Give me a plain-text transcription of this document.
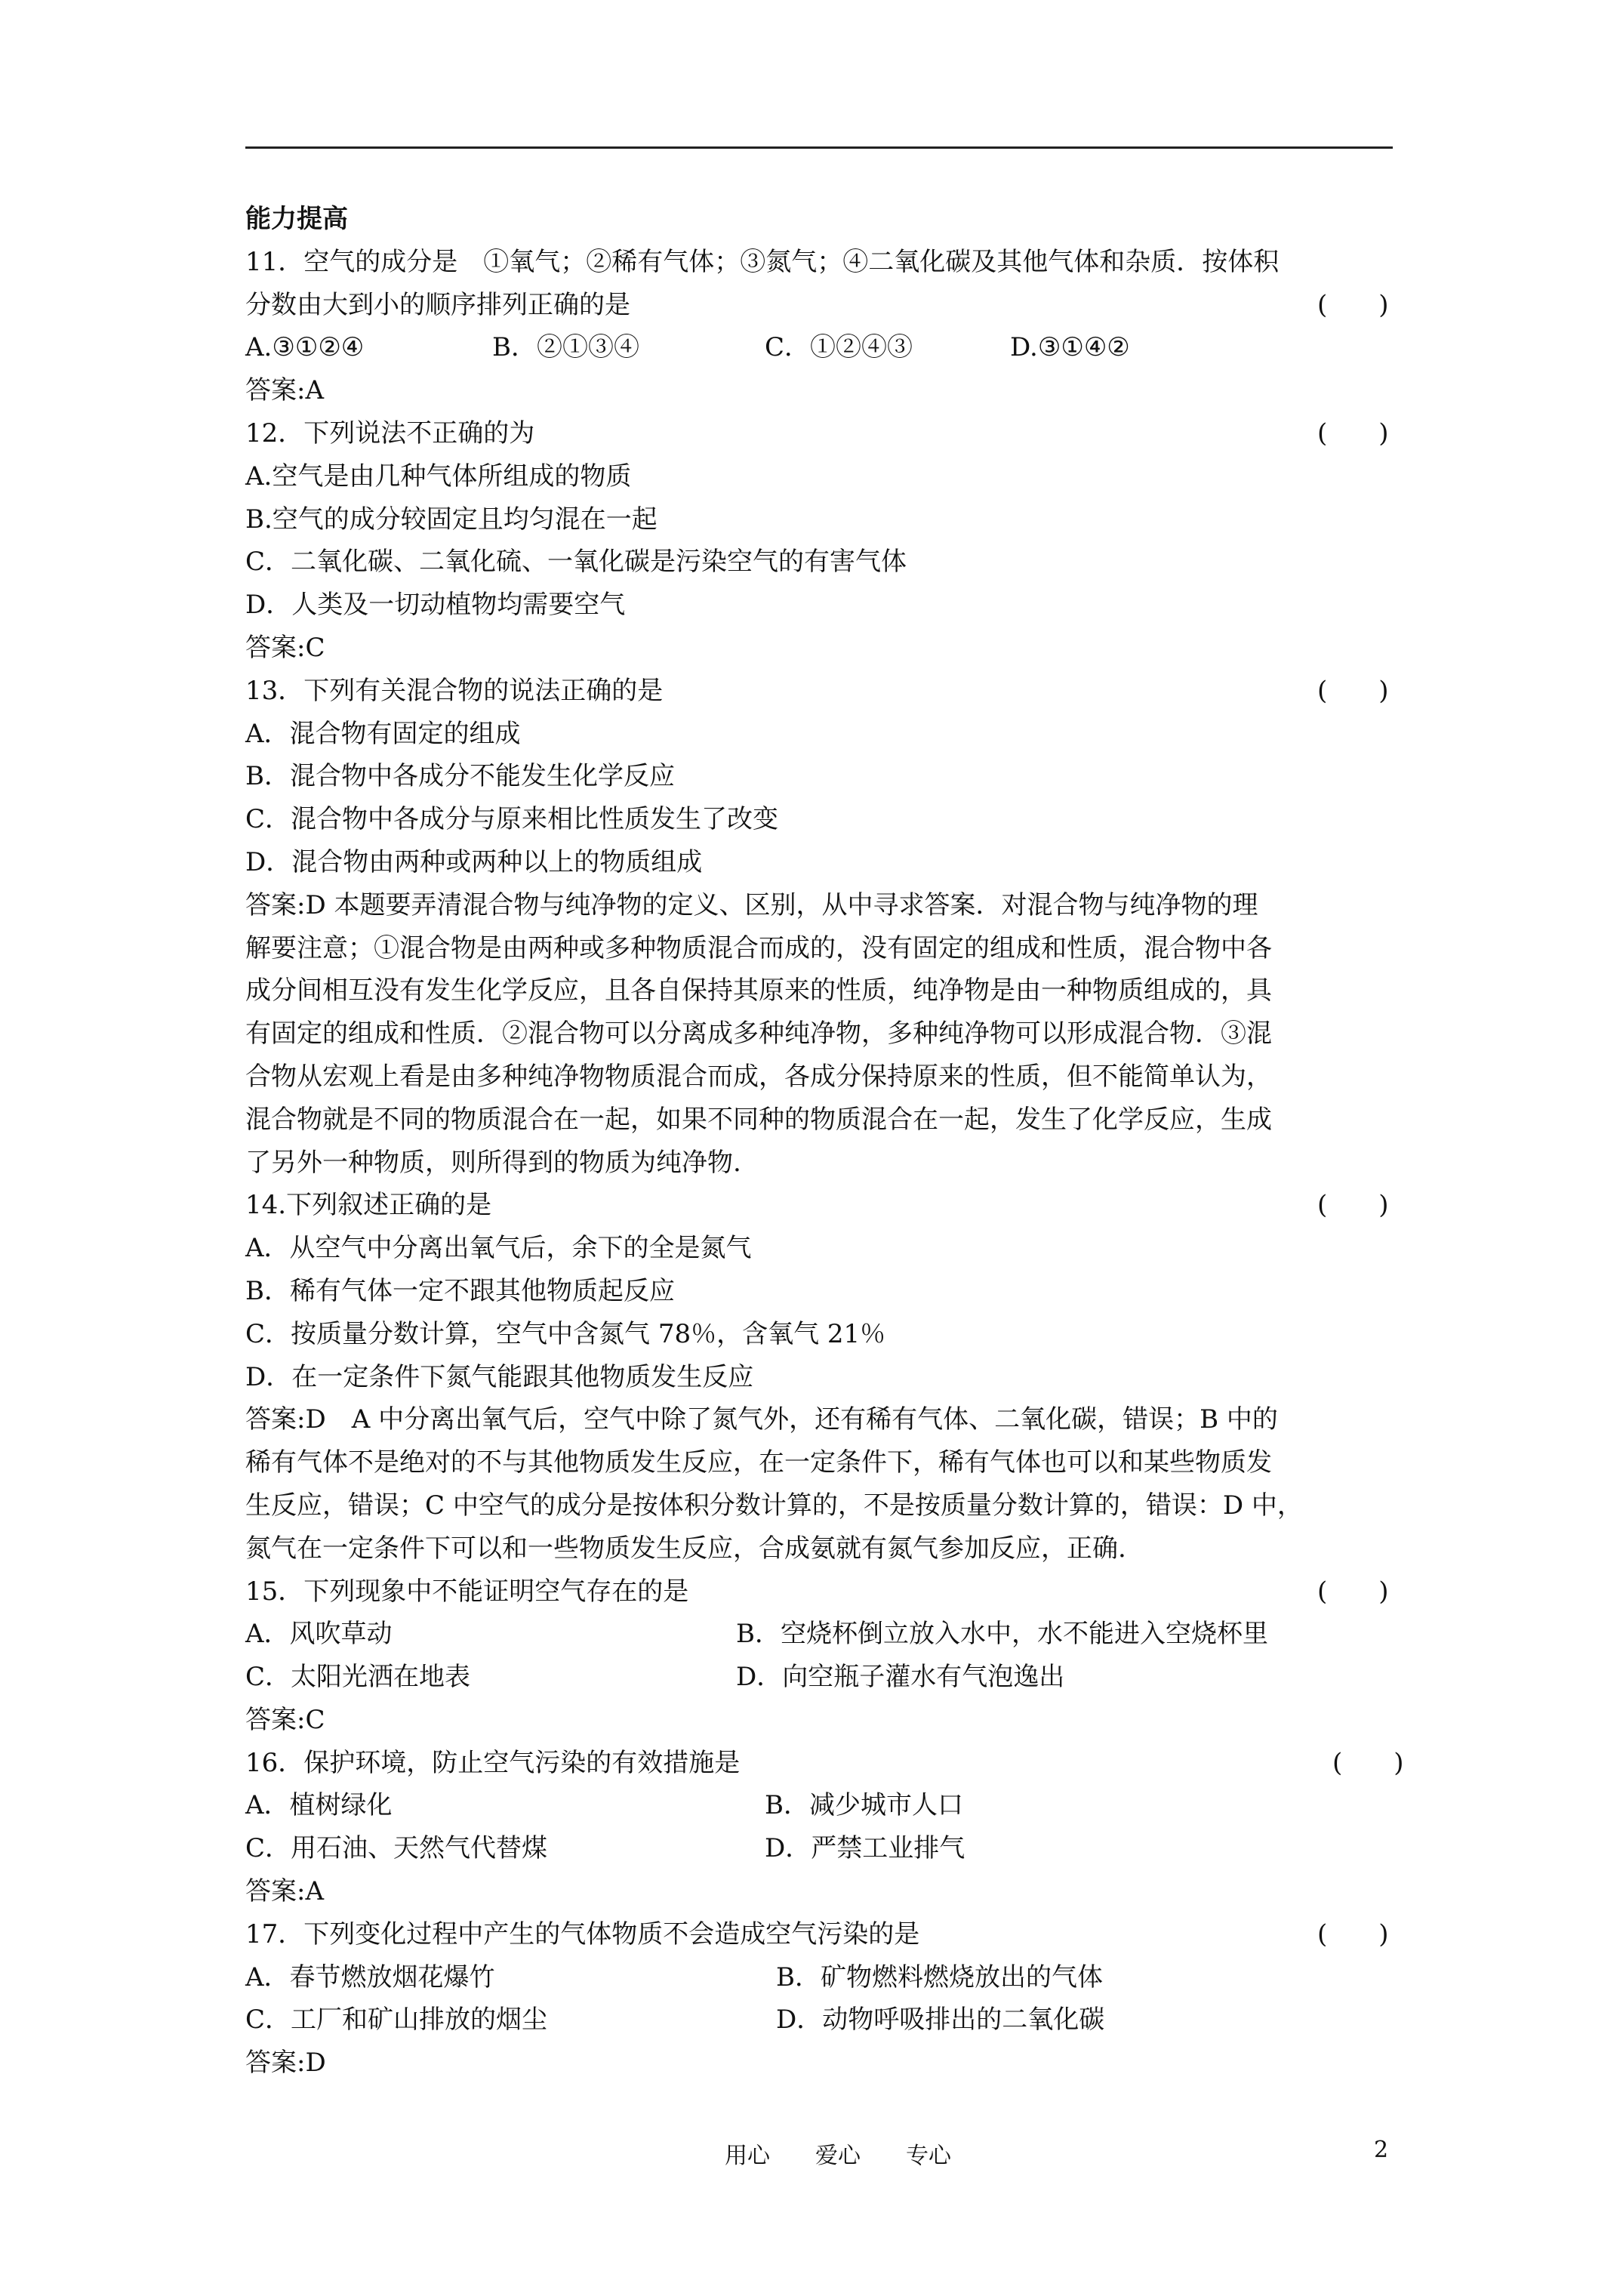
能力提高
11．空气的成分是　①氧气；②稀有气体；③氮气；④二氧化碳及其他气体和杂质．按体积
分数由大到小的顺序排列正确的是	(　　)
A.③①②④	B．②①③④	C．①②④③	D.③①④②
答案:A
12．下列说法不正确的为	(　　)
A.空气是由几种气体所组成的物质
B.空气的成分较固定且均匀混在一起
C．二氧化碳、二氧化硫、一氧化碳是污染空气的有害气体
D．人类及一切动植物均需要空气
答案:C
13．下列有关混合物的说法正确的是	(　　)
A．混合物有固定的组成
B．混合物中各成分不能发生化学反应
C．混合物中各成分与原来相比性质发生了改变
D．混合物由两种或两种以上的物质组成
答案:D 本题要弄清混合物与纯净物的定义、区别，从中寻求答案．对混合物与纯净物的理
解要注意；①混合物是由两种或多种物质混合而成的，没有固定的组成和性质，混合物中各
成分间相互没有发生化学反应，且各自保持其原来的性质，纯净物是由一种物质组成的，具
有固定的组成和性质．②混合物可以分离成多种纯净物，多种纯净物可以形成混合物．③混
合物从宏观上看是由多种纯净物物质混合而成，各成分保持原来的性质，但不能简单认为，
混合物就是不同的物质混合在一起，如果不同种的物质混合在一起，发生了化学反应，生成
了另外一种物质，则所得到的物质为纯净物.
14.下列叙述正确的是	(　　)
A．从空气中分离出氧气后，余下的全是氮气
B．稀有气体一定不跟其他物质起反应
C．按质量分数计算，空气中含氮气 78％，含氧气 21％
D．在一定条件下氮气能跟其他物质发生反应
答案:D　A 中分离出氧气后，空气中除了氮气外，还有稀有气体、二氧化碳，错误；B 中的
稀有气体不是绝对的不与其他物质发生反应，在一定条件下，稀有气体也可以和某些物质发
生反应，错误；C 中空气的成分是按体积分数计算的，不是按质量分数计算的，错误：D 中，
氮气在一定条件下可以和一些物质发生反应，合成氨就有氮气参加反应，正确.
15．下列现象中不能证明空气存在的是	(　　)
A．风吹草动	B．空烧杯倒立放入水中，水不能进入空烧杯里
C．太阳光洒在地表	D．向空瓶子灌水有气泡逸出
答案:C
16．保护环境，防止空气污染的有效措施是	(　　)
A．植树绿化	B．减少城市人口
C．用石油、天然气代替煤	D．严禁工业排气
答案:A
17．下列变化过程中产生的气体物质不会造成空气污染的是	(　　)
A．春节燃放烟花爆竹	B．矿物燃料燃烧放出的气体
C．工厂和矿山排放的烟尘	D．动物呼吸排出的二氧化碳
答案:D
用心　　爱心　　专心	2
